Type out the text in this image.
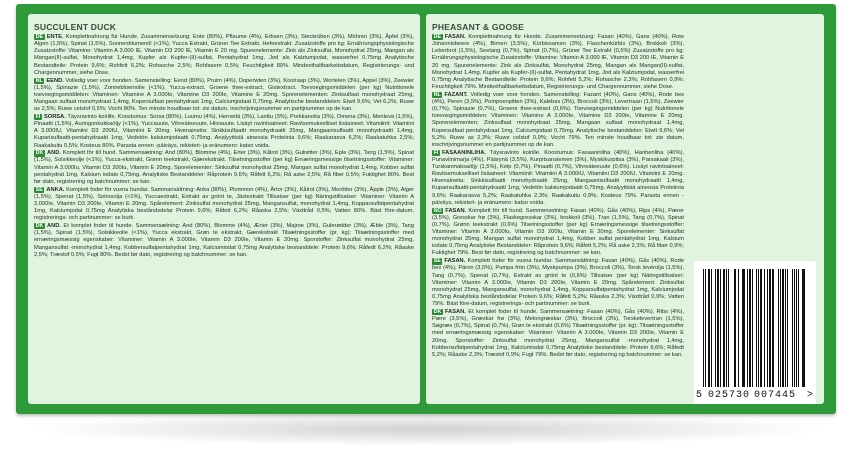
SUCCULENT DUCK
DE ENTE. Komplettnahrung für Hunde. Zusammensetzung: Ente (80%), Pflaume (4%), Erbsen (3%), Steckrüben (3%), Möhren (3%), Äpfel (3%), Algen (1,5%), Spinat (1,5%), Sonnenblumenöl (<1%), Yucca Extrakt, Grüner Tee Extrakt, Hefeextrakt. Zusatzstoffe pro kg: Ernährungsphysiologische Zusatzstoffe: Vitamine: Vitamin A 3.000 IE, Vitamin D3 200 IE, Vitamin E 20 mg. Spurenelemente: Zink als Zinksulfat, Monohydrat 25mg, Mangan als Mangan(II)-sulfat, Monohydrat 1,4mg, Kupfer als Kupfer-(II)-sulfat, Pentahydrat 1mg, Jod als Kalziumjodat, wasserfrei 0,75mg Analytische Bestandteile: Protein 9,6%; Rohfett 6,2%; Rohasche 2,5%; Rohfasern 0,5%; Feuchtigkeit 80%. Mindesthaltbarkeitsdatum, Registrierungs- und Chargennummer, siehe Dose.
NL EEND. Volledig voer voor honden. Samenstelling: Eend (80%), Pruim (4%), Doperwten (3%), Koolraap (3%), Wortelen (3%), Appel (3%), Zeewier (1,5%), Spinazie (1,5%), Zonnebloemolie (<1%), Yucca-extract, Groene thee-extract, Gistextract. Toevoegingsmiddelen (per kg) Nutritionele toevoegingsmiddelen: Vitaminen: Vitamine A 3.000Ie, Vitamine D3 200Ie, Vitamine E 20mg. Sporenelementen: Zinksulfaat monohydraat 25mg, Mangaan sulfaat monohydraat 1,4mg, Kopersulfaat pentahydraat 1mg, Calciumjodaat 0,75mg. Analytische bestanddelen: Eiwit 9,6%; Vet 6,2%; Ruwe as 2,5%; Ruwe celstof 0,5%; Vocht 80%. Ten minste houdbaar tot: zie datum, inschrijvingsnummer en partijnummer op de kan.
FI SORSA. Täysravinto koirille. Koostumus: Sorsa (80%), Luumu (4%), Herneitä (3%), Lanttu (3%), Porkkanoita (3%), Omena (3%), Merilevä (1,5%), Pinaatti (1,5%), Auringonkukkaöljy (<1%), Yuccauute, Vihreäteeuute, Hiivauute. Lisäyt ravintoaineet: Ravitsemukselliset lisäaineet: Vitamiinit: Vitamiini A 3.000IU, Vitamiini D3 200IU, Vitamiini E 20mg. Hivenaineita: Sinkkisulfaatti monohydraatti 25mg, Mangaanisulfaatti monohydraatti 1,4mg, Kuparisulfaatti-pentahydraatti 1mg, Vedetön kalsiumjodaatti 0,75mg. Analyyttisiä aineosia Proteiinia 9,6%; Raakarasva 6,2%; Raakatuhka 2,5%; Raakakuitu 0,5%; Kosteus 80%. Parasta ennen -päiväys, rekisteri- ja eränumero: katso voida.
DK AND. Komplett för till hund. Sammensætning: And (80%), Blomme (4%), Erter (3%), Kålrot (3%), Gulrøtter (3%), Eple (3%), Tang (1,5%), Spinat (1,5%), Solsikkeolje (<1%), Yucca-ekstrakt, Grønn teekstrakt, Gjærekstrakt. Tilsetningsstoffer (per kg) Ernæringsmessige tilsetningsstoffer: Vitaminer: Vitamin A 3.000Iu, Vitamin D3 200Iu, Vitamin E 20mg. Sporelementer: Sinksulfat monohydrat 25mg, Mangan sulfat monohydrat 1,4mg, Kobber sulfat pentahydrat 1mg, Kalsium iodate 0,75mg. Analytiske Bestanddeler: Råprotein 9,6%; Råfett 6,2%; Rå aske 2,5%; Rå fiber 0,5%; Fuktighet 80%. Best før dato, registrering og batchnummer: se kan.
SE ANKA. Komplett foder för vuxna hundar. Sammansättning: Anka (80%), Plommon (4%), Ärtor (3%), Kålrot (3%), Morötter (3%), Äpple (3%), Alger (1,5%), Spenat (1,5%), Solrosolja (<1%), Yuccaextrakt, Extrakt av grönt te, Jästextrakt Tillsatser (per kg) Näringstillsatser: Vitaminer: Vitamin A 3.000Ie, Vitamin D3 200Ie, Vitamin E 20mg. Spårelement: Zinksulfat monohydrat 25mg, Mangansulfat, monohydrat 1,4mg, Kopparsulfatpentahydrat 1mg, Kalciumjodat 0,75mg Analytiska beståndsdelar Protein 9,6%; Råfett 6,2%; Råaska 2,5%; Växttråd 0,5%; Vatten 80%. Bäst före-datum, registrerings- och partinummer: se burk.
DK AND. Et komplet foder til hunde. Sammensætning: And (80%), Blomme (4%), Ærter (3%), Majroe (3%), Gulerødder (3%), Æble (3%), Tang (1,5%), Spinat (1,5%), Solsikkeolie (<1%), Yucca ekstrakt, Grøn te ekstrakt, Gærekstrakt Tilsætningsstoffer (pr. kg): Tilsætningsstoffer med ernæringsmæssig egenskaber: Vitaminer: Vitamin A 3.000Ie, Vitamin D3 200Ie, Vitamin E 20mg. Sporstoffer: Zinksulfat monohydrat 25mg, Mangansulfat -monohydrat 1,4mg, Kobbersulfatpentahydrat 1mg, Kalciumiodat 0,75mg Analytiske bestanddele: Protein 9,6%; Råfedt 6,2%; Råaske 2,5%; Træstof 0,5%; Fugt 80%. Bedst før dato, registrering og batchnummer: se kan.
PHEASANT & GOOSE
DE FASAN. Komplettnahrung für Hunde. Zusammensetzung: Fasan (40%), Gans (40%), Rote Johannisbeere (4%), Birnen (3,5%), Kürbissamen (3%), Flaschenkürbis (3%), Brokkoli (3%), Leberbrot (1,5%), Seetang (0,7%), Spinat (0,7%), Grüner Tee Extrakt (0,5%) Zusatzstoffe pro kg: Ernährungsphysiologische Zusatzstoffe: Vitamine: Vitamin A 3.000 IE, Vitamin D3 200 IE, Vitamin E 20 mg. Spurenelemente: Zink als Zinksulfat, Monohydrat 25mg, Mangan als Mangan(II)-sulfat, Monohydrat 1,4mg, Kupfer als Kupfer-(II)-sulfat, Pentahydrat 1mg, Jod als Kalziumjodat, wasserfrei 0,75mg Analytische Bestandteile: Protein 9,6%; Rohfett 5,2%; Rohasche 2,3%; Rohfasern 0,9%; Feuchtigkeit 79%. Mindesthaltbarkeitsdatum, Registrierungs- und Chargennummer, siehe Dose.
NL FAZANT. Volledig voer voor honden. Samenstelling: Fazant (40%), Gans (40%), Rode bes (4%), Peren (3,5%), Pompoenpitten (3%), Kalebas (3%), Broccoli (3%), Levertraan (1,5%), Zeewier (0,7%), Spinazie (0,7%), Groene thee-extract (0,6%). Toevoegingsmiddelen (per kg) Nutritionele toevoegingsmiddelen: Vitaminen: Vitamine A 3.000Ie, Vitamine D3 200Ie, Vitamine E 20mg. Sporenelementen: Zinksulfaat monohydraat 25mg, Mangaan sulfaat monohydraat 1,4mg, Kopersulfaat pentahydraat 1mg, Calciumjodaat 0,75mg. Analytische bestanddelen: Eiwit 9,6%; Vet 5,2%; Ruwe as 2,3%; Ruwe celstof 0,9%; Vocht 79%. Ten minste houdbaar tot: zie datum, inschrijvingsnummer en partijnummer op de kan.
FI FASAANINLIHA. Täysravinto koirille. Koostumus: Fasaaninliha (40%), Hanhenliha (40%), Punaviinimarja (4%), Päärynä (3,5%), Kurpitsansiemen (3%), Myskikurpitsa (3%), Parsakaali (3%), Turskanmaksaöljy (1,5%), Kelp (0,7%), Pinaatti (0,7%), Vihreäteeuute (0,6%). Lisäyt ravintoaineet: Ravitsemukselliset lisäaineet: Vitamiinit: Vitamiini A 3.000IU, Vitamiini D3 200IU, Vitamiini E 20mg. Hivenaineita: Sinkkisulfaatti monohydraatti 25mg, Mangaanisulfaatti monohydraatti 1,4mg, Kuparisulfaatti-pentahydraatti 1mg, Vedetön kalsiumjodaatti 0,75mg. Analyyttisiä aineosia Proteiinia 9,6%; Raakarasva 5,2%; Raakatuhka 2,3%; Raakakuitu 0,9%; Kosteus 79%. Parasta ennen -päiväys, rekisteri- ja eränumero: katso voida.
NO FASAN. Komplett för till hund. Sammensetning: Fasan (40%), Gås (40%), Rips (4%), Pærer (3,5%), Gresskar frø (3%), Flaskegresskar (3%), brokkoli (3%), Tran (1,5%), Tang (0,7%), Spinat (0,7%), Grønn teekstrakt (0,6%) Tilsetningsstoffer (per kg) Ernæringsmessige tilsetningsstoffer: Vitaminer: Vitamin A 3.000Iu, Vitamin D3 200Iu, Vitamin E 20mg. Sporelementer: Sinksulfat monohydrat 25mg, Mangan sulfat monohydrat 1,4mg, Kobber sulfat pentahydrat 1mg, Kalsium iodate 0,75mg Analytiske Bestanddeler: Råprotein 9,6%; Råfett 5,2%; Rå aske 2,3%; Rå fiber 0,9%; Fuktighet 79%. Best før dato, registrering og batchnummer: se kan.
SE FASAN. Komplett foder för vuxna hundar. Sammansättning: Fasan (40%), Gås (40%), Rode bes (4%), Päron (3,5%), Pumpa frön (3%), Myskpumpa (3%), Broccoli (3%), Torsk levérolja (1,5%), Tang (0,7%), Spenat (0,7%), Extrakt av grönt te (0,6%) Tillsatser (per kg) Näringstillsatser: Vitaminer: Vitamin A 3.000Ie, Vitamin D3 200Ie, Vitamin E 20mg. Spårelement: Zinksulfat monohydrat 25mg, Mangansulfat, monohydrat 1,4mg, Kopparsulfatpentahydrat 1mg, Kalciumjodat 0,75mg Analytiska beståndsdelar Protein 9,6%; Råfett 5,2%; Råaska 2,3%; Växttråd 0,9%; Vatten 79%. Bäst före-datum, registrerings- och partinummer: se burk.
DK FASAN. Et komplet foder til hunde. Sammensætning: Fasan (40%), Gås (40%), Ribs (4%), Pære (3,5%), Græskar frø (3%), Melongræskar (3%), Broccoli (3%), Torskelevertran (1,5%), Søgræs (0,7%), Spinat (0,7%), Grøn te ekstrakt (0,6%) Tilsætningsstoffer (pr. kg): Tilsætningsstoffer med ernæringsmæssig egenskaber: Vitaminer: Vitamin A 3.000Ie, Vitamin D3 200Ie, Vitamin E 20mg. Sporstoffer: Zinksulfat monohydrat 25mg, Mangansulfat -monohydrat 1,4mg, Kobbersulfatpentahydrat 1mg, Kalciumiodat 0,75mg Analytiske bestanddele: Protein 9,6%; Råfedt 5,2%; Råaske 2,3%; Træstof 0,9%; Fugt 79%. Bedst før dato, registrering og batchnummer: se kan.
5 025730 007445 >
